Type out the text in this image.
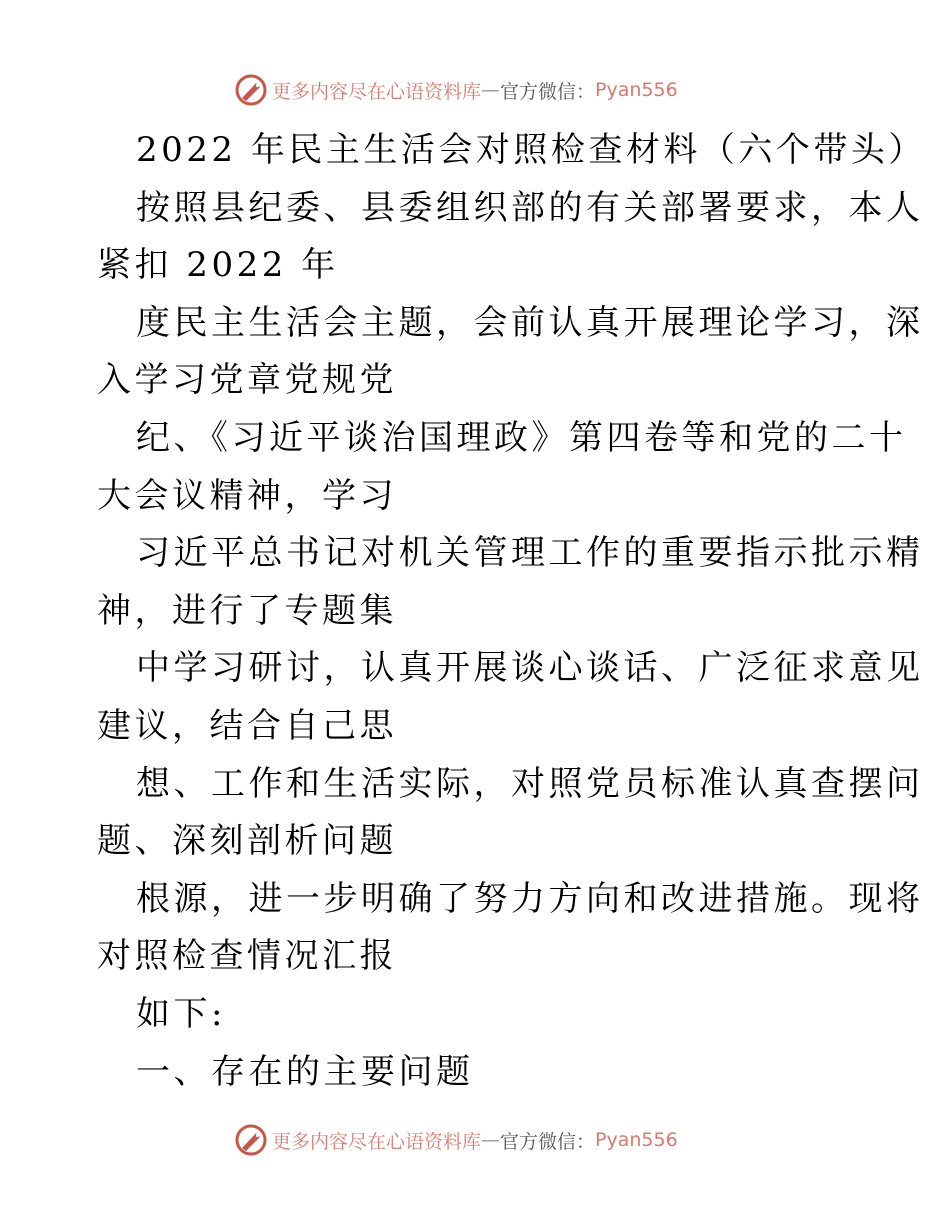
更多内容尽在心语资料库 — 官方微信： Pyan556
2022 年民主生活会对照检查材料（六个带头）
按照县纪委、县委组织部的有关部署要求，本人
紧扣 2022 年
度民主生活会主题，会前认真开展理论学习，深
入学习党章党规党
纪、《习近平谈治国理政》第四卷等和党的二十
大会议精神，学习
习近平总书记对机关管理工作的重要指示批示精
神，进行了专题集
中学习研讨，认真开展谈心谈话、广泛征求意见
建议，结合自己思
想、工作和生活实际，对照党员标准认真查摆问
题、深刻剖析问题
根源，进一步明确了努力方向和改进措施。现将
对照检查情况汇报
如下:
一、存在的主要问题
更多内容尽在心语资料库 — 官方微信： Pyan556
